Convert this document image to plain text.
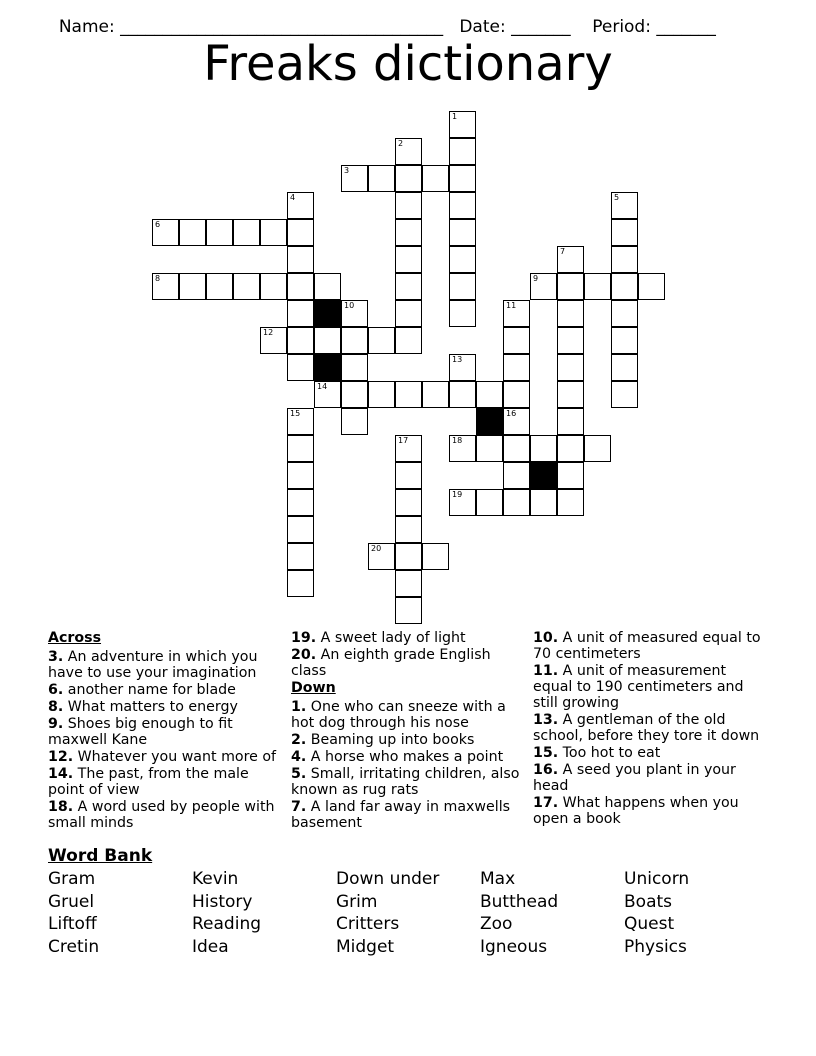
Name: ______________________________________ Date: _______ Period: _______

Freaks dictionary
3
6
8	9
12
14
18
19
20
1
2
4	5
7
10	11
13
15	16
17
Across
3. An adventure in which you have to use your imagination
6. another name for blade
8. What matters to energy
9. Shoes big enough to fit maxwell Kane
12. Whatever you want more of
14. The past, from the male point of view
18. A word used by people with small minds
19. A sweet lady of light
20. An eighth grade English class
Down
1. One who can sneeze with a hot dog through his nose
2. Beaming up into books
4. A horse who makes a point
5. Small, irritating children, also known as rug rats
7. A land far away in maxwells basement
10. A unit of measured equal to 70 centimeters
11. A unit of measurement equal to 190 centimeters and still growing
13. A gentleman of the old school, before they tore it down
15. Too hot to eat
16. A seed you plant in your head
17. What happens when you open a book
Word Bank
Gram
Gruel
Liftoff
Cretin
Kevin
History
Reading
Idea
Down under
Grim
Critters
Midget
Max
Butthead
Zoo
Igneous
Unicorn
Boats
Quest
Physics
